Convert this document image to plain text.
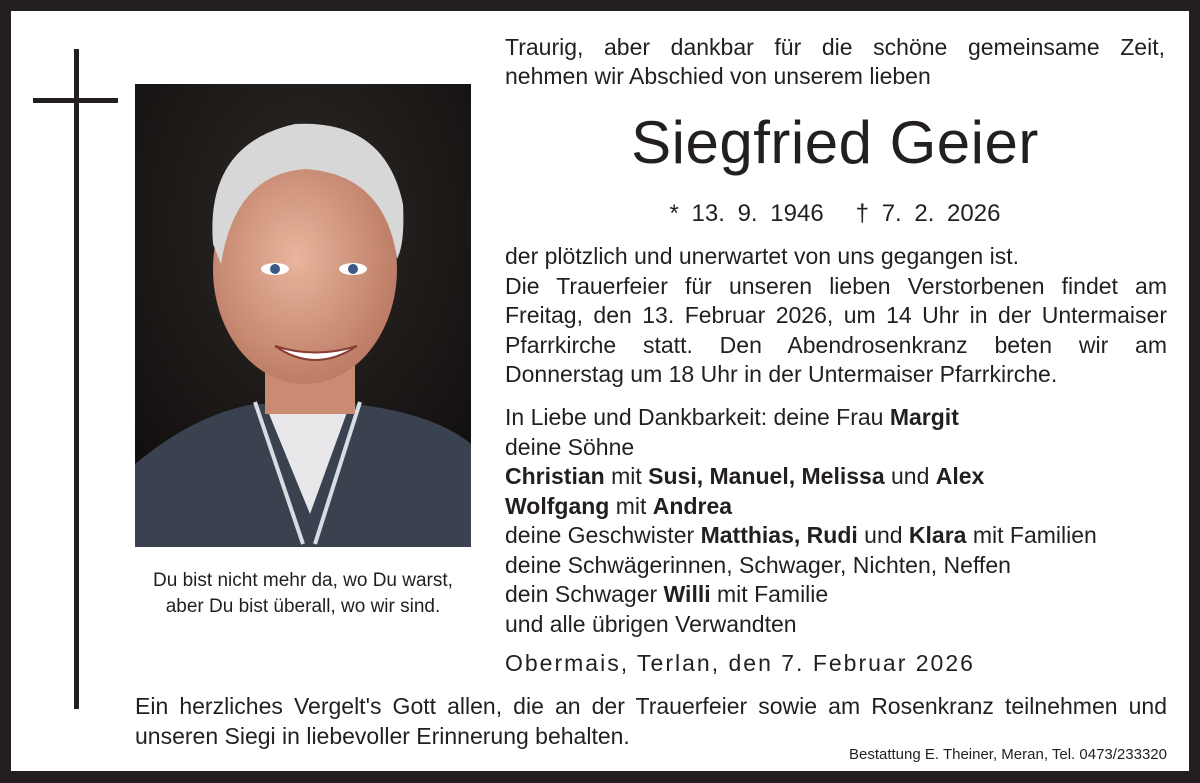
Du bist nicht mehr da, wo Du warst,
aber Du bist überall, wo wir sind.
Traurig, aber dankbar für die schöne gemeinsame Zeit,
nehmen wir Abschied von unserem lieben
Siegfried Geier
* 13. 9. 1946 † 7. 2. 2026
der plötzlich und unerwartet von uns gegangen ist.
Die Trauerfeier für unseren lieben Verstorbenen findet am
Freitag, den 13. Februar 2026, um 14 Uhr in der Untermaiser
Pfarrkirche statt. Den Abendrosenkranz beten wir am
Donnerstag um 18 Uhr in der Untermaiser Pfarrkirche.
In Liebe und Dankbarkeit: deine Frau Margit
deine Söhne
Christian mit Susi, Manuel, Melissa und Alex
Wolfgang mit Andrea
deine Geschwister Matthias, Rudi und Klara mit Familien
deine Schwägerinnen, Schwager, Nichten, Neffen
dein Schwager Willi mit Familie
und alle übrigen Verwandten
Obermais, Terlan, den 7. Februar 2026
Ein herzliches Vergelt's Gott allen, die an der Trauerfeier sowie am Rosenkranz teilnehmen und
unseren Siegi in liebevoller Erinnerung behalten.
Bestattung E. Theiner, Meran, Tel. 0473/233320
